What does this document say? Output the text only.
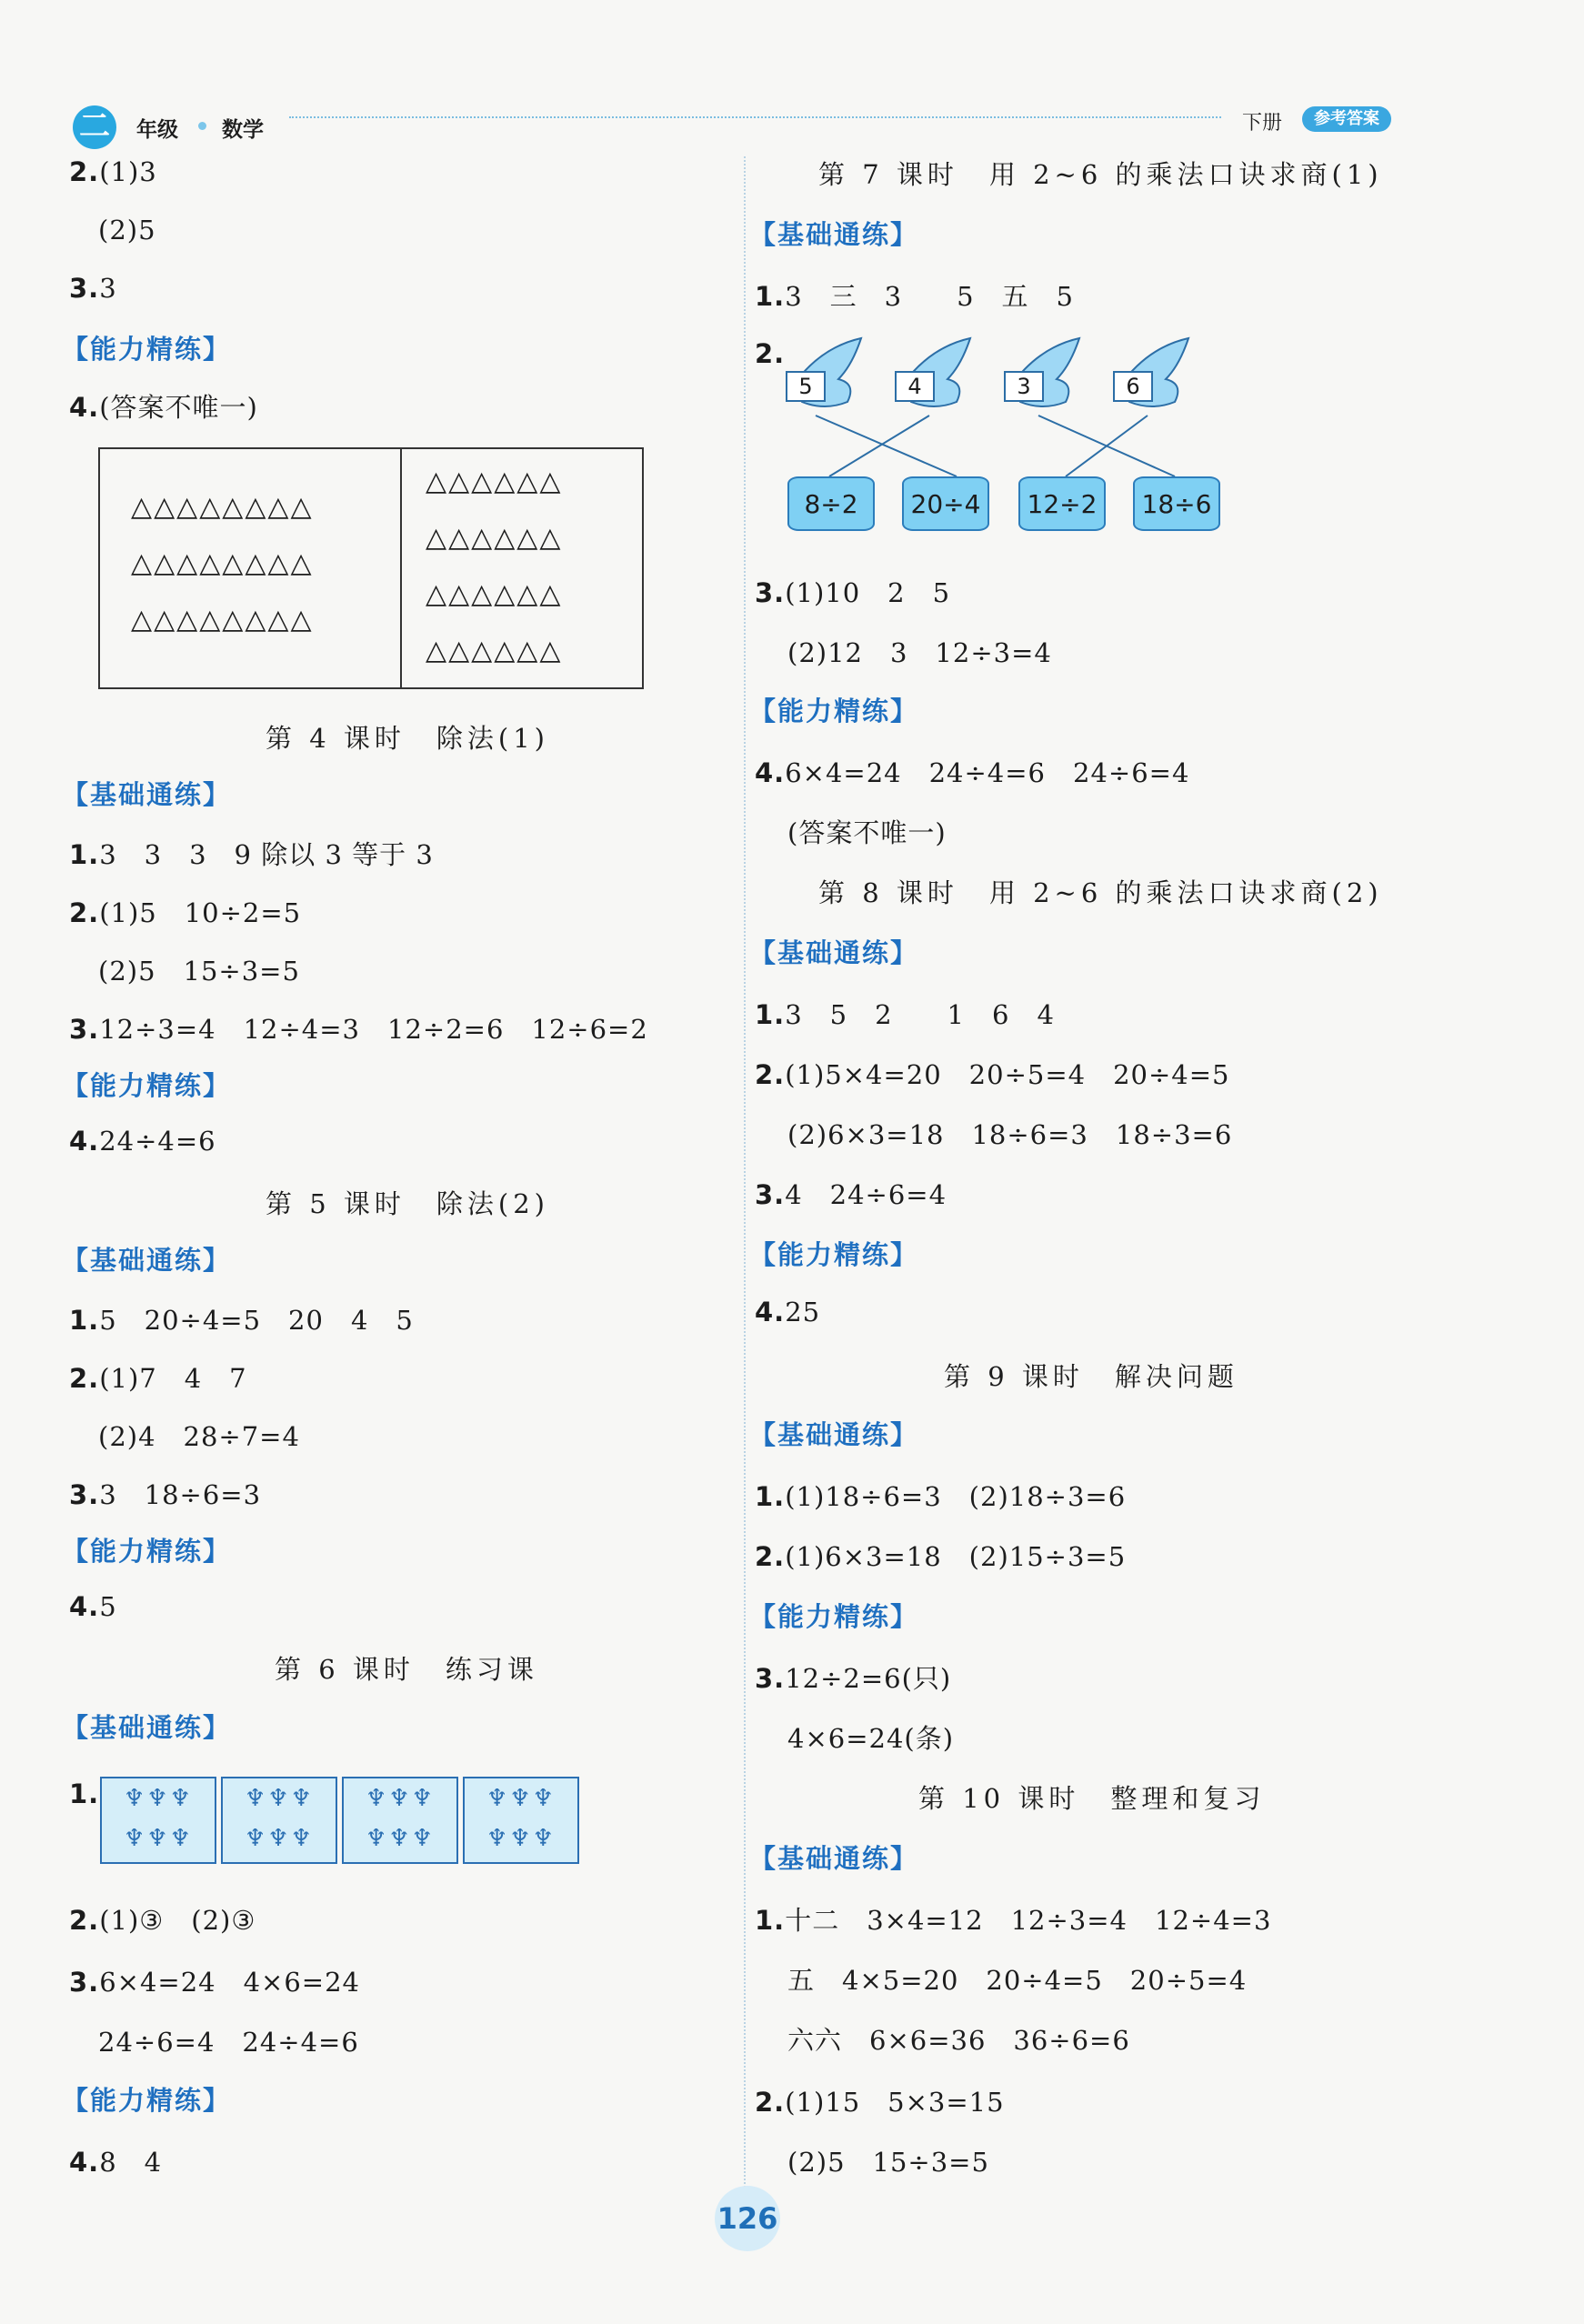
二	年级 数学	下册	参考答案
2.(1)3
(2)5
3.3
【能力精练】
4.(答案不唯一)
△△△△△△△△
△△△△△△△△
△△△△△△△△
△△△△△△
△△△△△△
△△△△△△
△△△△△△
第 4 课时　除法(1)
【基础通练】
1.3　3　3　9 除以 3 等于 3
2.(1)5　10÷2=5
(2)5　15÷3=5
3.12÷3=4　12÷4=3　12÷2=6　12÷6=2
【能力精练】
4.24÷4=6
第 5 课时　除法(2)
【基础通练】
1.5　20÷4=5　20　4　5
2.(1)7　4　7
(2)4　28÷7=4
3.3　18÷6=3
【能力精练】
4.5
第 6 课时　练习课
【基础通练】
1.	♆♆♆
♆♆♆
♆♆♆
♆♆♆
♆♆♆
♆♆♆
♆♆♆
♆♆♆
2.(1)③　(2)③
3.6×4=24　4×6=24
24÷6=4　24÷4=6
【能力精练】
4.8　4
第 7 课时　用 2~6 的乘法口诀求商(1)
【基础通练】
1.3　三　3　　5　五　5
2.
5	4	3	6
8÷2	20÷4	12÷2	18÷6
3.(1)10　2　5
(2)12　3　12÷3=4
【能力精练】
4.6×4=24　24÷4=6　24÷6=4
(答案不唯一)
第 8 课时　用 2~6 的乘法口诀求商(2)
【基础通练】
1.3　5　2　　1　6　4
2.(1)5×4=20　20÷5=4　20÷4=5
(2)6×3=18　18÷6=3　18÷3=6
3.4　24÷6=4
【能力精练】
4.25
第 9 课时　解决问题
【基础通练】
1.(1)18÷6=3　(2)18÷3=6
2.(1)6×3=18　(2)15÷3=5
【能力精练】
3.12÷2=6(只)
4×6=24(条)
第 10 课时　整理和复习
【基础通练】
1.十二　3×4=12　12÷3=4　12÷4=3
五　4×5=20　20÷4=5　20÷5=4
六六　6×6=36　36÷6=6
2.(1)15　5×3=15
(2)5　15÷3=5
126
